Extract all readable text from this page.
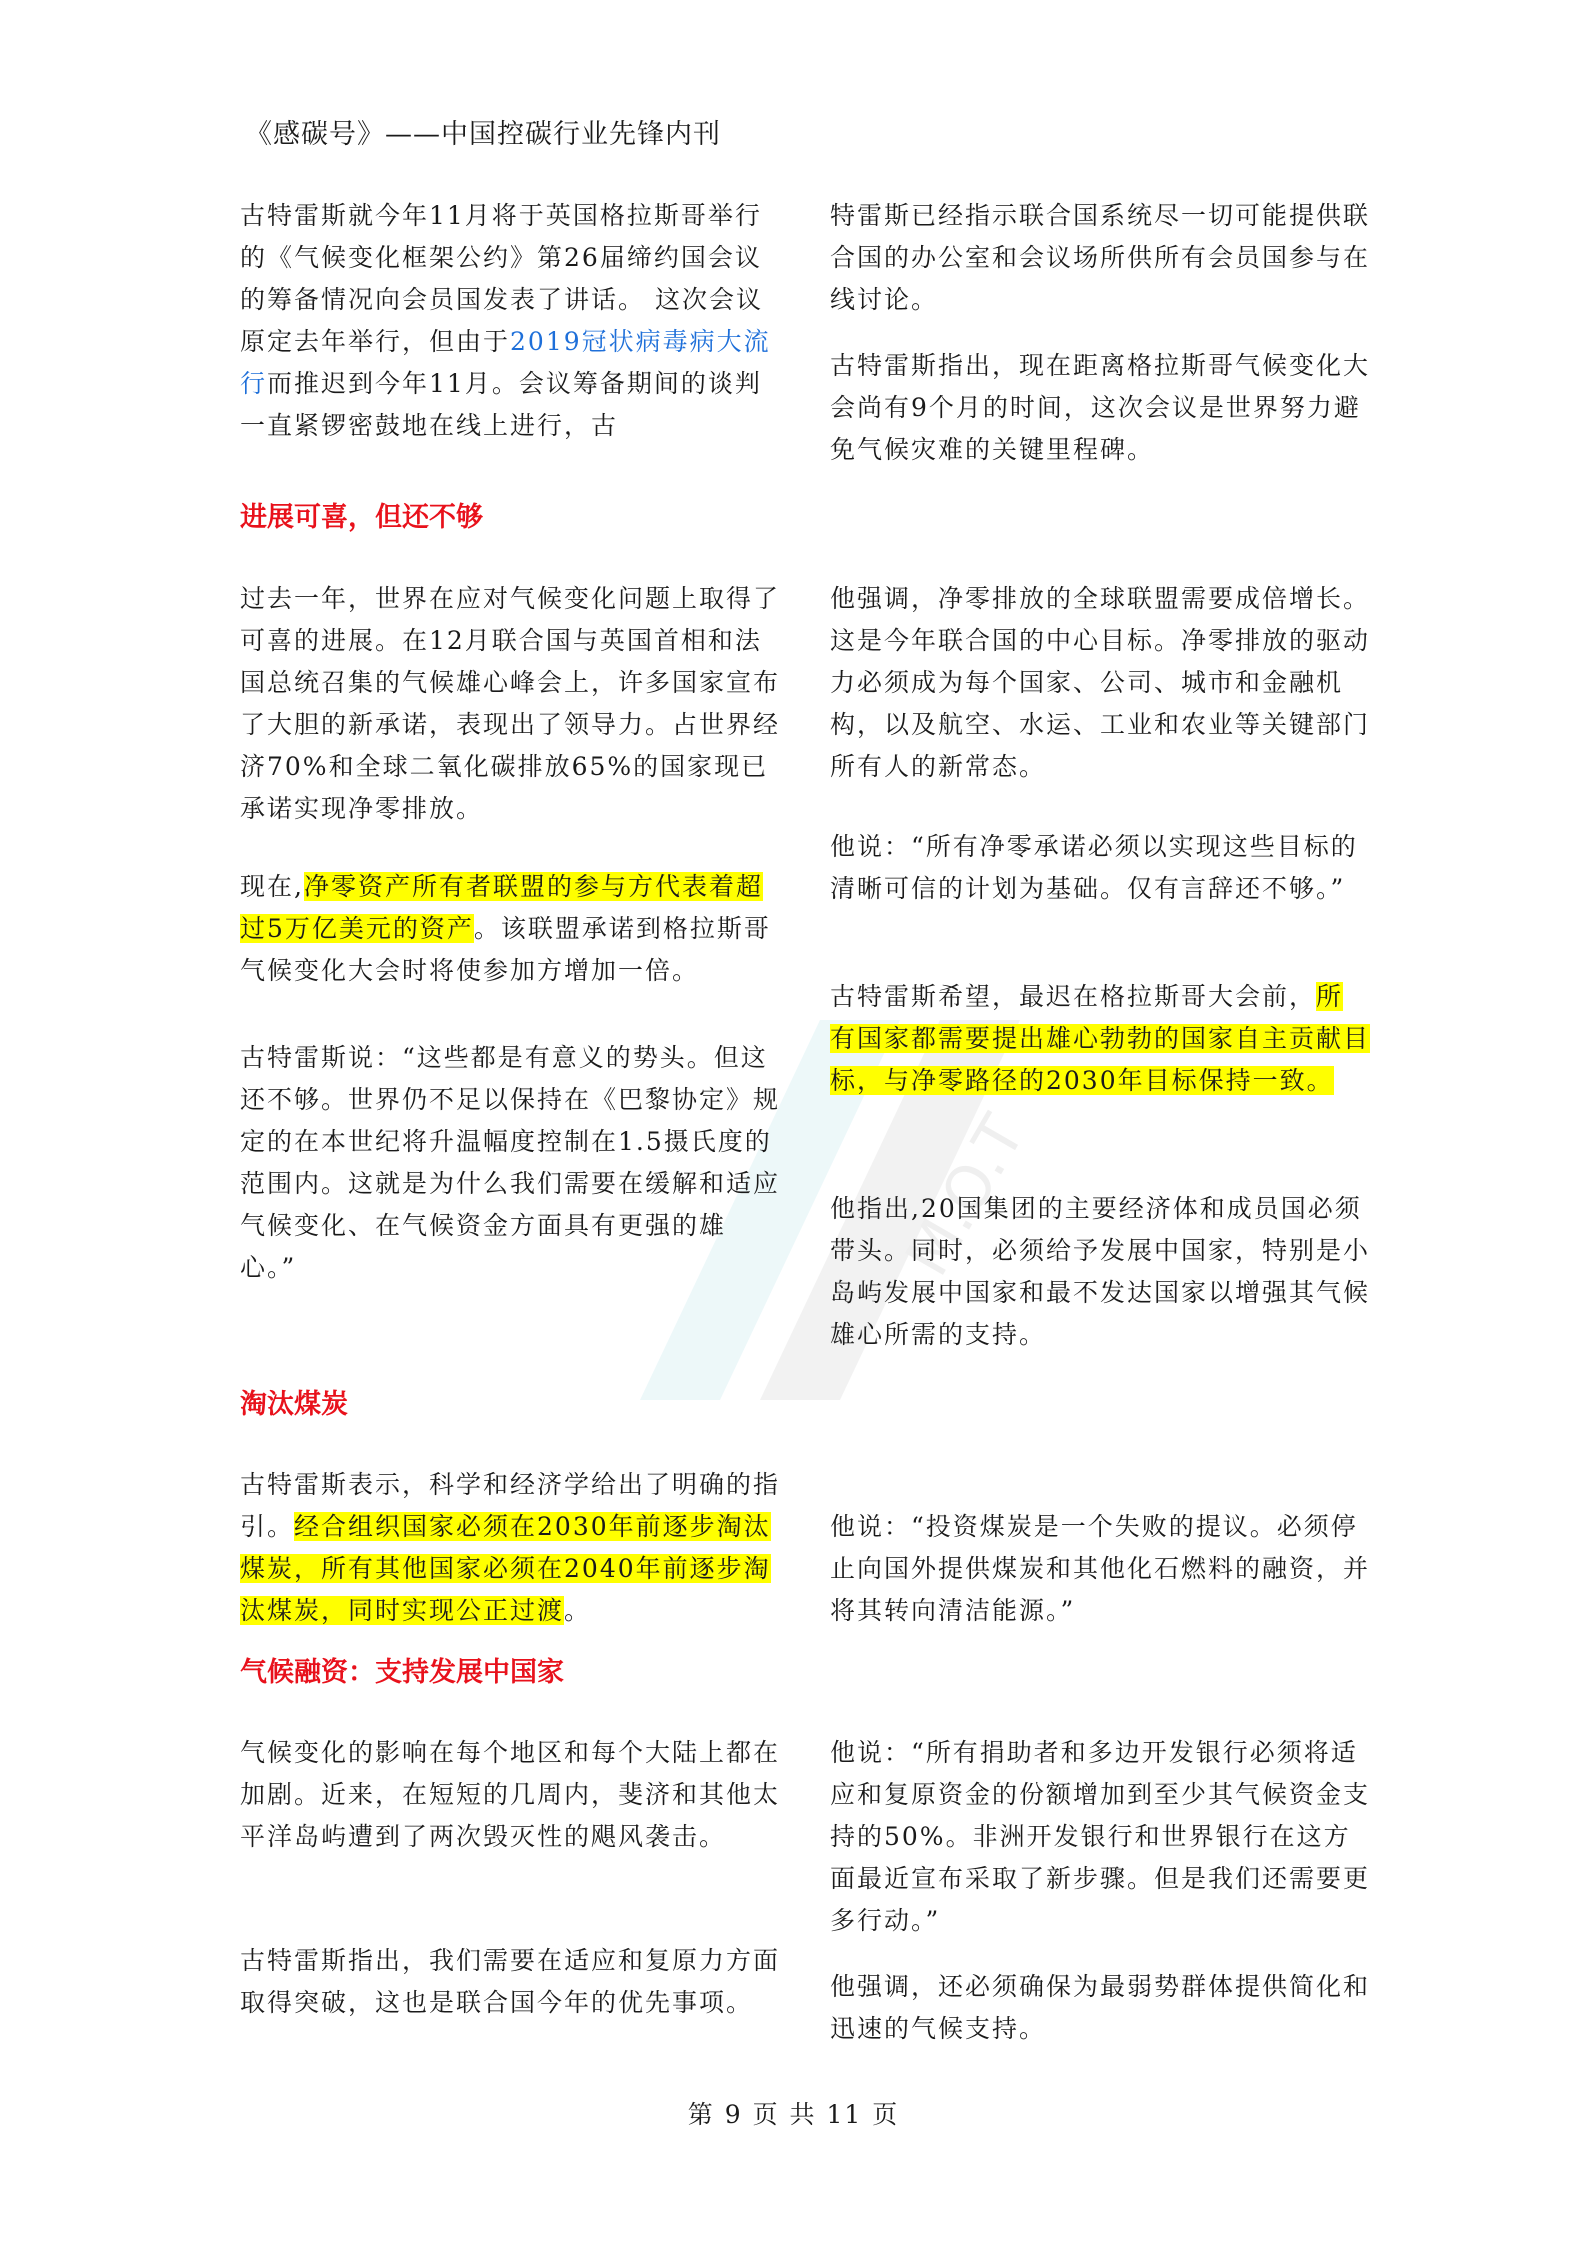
M.O.T
《感碳号》——中国控碳行业先锋内刊
古特雷斯就今年11月将于英国格拉斯哥举行的《气候变化框架公约》第26届缔约国会议的筹备情况向会员国发表了讲话。 这次会议原定去年举行，但由于2019冠状病毒病大流行而推迟到今年11月。会议筹备期间的谈判一直紧锣密鼓地在线上进行，古
进展可喜，但还不够
过去一年，世界在应对气候变化问题上取得了可喜的进展。在12月联合国与英国首相和法国总统召集的气候雄心峰会上，许多国家宣布了大胆的新承诺，表现出了领导力。占世界经济70%和全球二氧化碳排放65%的国家现已承诺实现净零排放。
现在,净零资产所有者联盟的参与方代表着超过5万亿美元的资产。该联盟承诺到格拉斯哥气候变化大会时将使参加方增加一倍。
古特雷斯说：“这些都是有意义的势头。但这还不够。世界仍不足以保持在《巴黎协定》规定的在本世纪将升温幅度控制在1.5摄氏度的范围内。这就是为什么我们需要在缓解和适应气候变化、在气候资金方面具有更强的雄心。”
淘汰煤炭
古特雷斯表示，科学和经济学给出了明确的指引。经合组织国家必须在2030年前逐步淘汰煤炭，所有其他国家必须在2040年前逐步淘汰煤炭，同时实现公正过渡。
气候融资：支持发展中国家
气候变化的影响在每个地区和每个大陆上都在加剧。近来，在短短的几周内，斐济和其他太平洋岛屿遭到了两次毁灭性的飓风袭击。
古特雷斯指出，我们需要在适应和复原力方面取得突破，这也是联合国今年的优先事项。
特雷斯已经指示联合国系统尽一切可能提供联合国的办公室和会议场所供所有会员国参与在线讨论。
古特雷斯指出，现在距离格拉斯哥气候变化大会尚有9个月的时间，这次会议是世界努力避免气候灾难的关键里程碑。
他强调，净零排放的全球联盟需要成倍增长。这是今年联合国的中心目标。净零排放的驱动力必须成为每个国家、公司、城市和金融机构，以及航空、水运、工业和农业等关键部门所有人的新常态。
他说：“所有净零承诺必须以实现这些目标的清晰可信的计划为基础。仅有言辞还不够。”
古特雷斯希望，最迟在格拉斯哥大会前，所有国家都需要提出雄心勃勃的国家自主贡献目标，与净零路径的2030年目标保持一致。
他指出,20国集团的主要经济体和成员国必须带头。同时，必须给予发展中国家，特别是小岛屿发展中国家和最不发达国家以增强其气候雄心所需的支持。
他说：“投资煤炭是一个失败的提议。必须停止向国外提供煤炭和其他化石燃料的融资，并将其转向清洁能源。”
他说：“所有捐助者和多边开发银行必须将适应和复原资金的份额增加到至少其气候资金支持的50%。非洲开发银行和世界银行在这方面最近宣布采取了新步骤。但是我们还需要更多行动。”
他强调，还必须确保为最弱势群体提供简化和迅速的气候支持。
第 9 页 共 11 页
